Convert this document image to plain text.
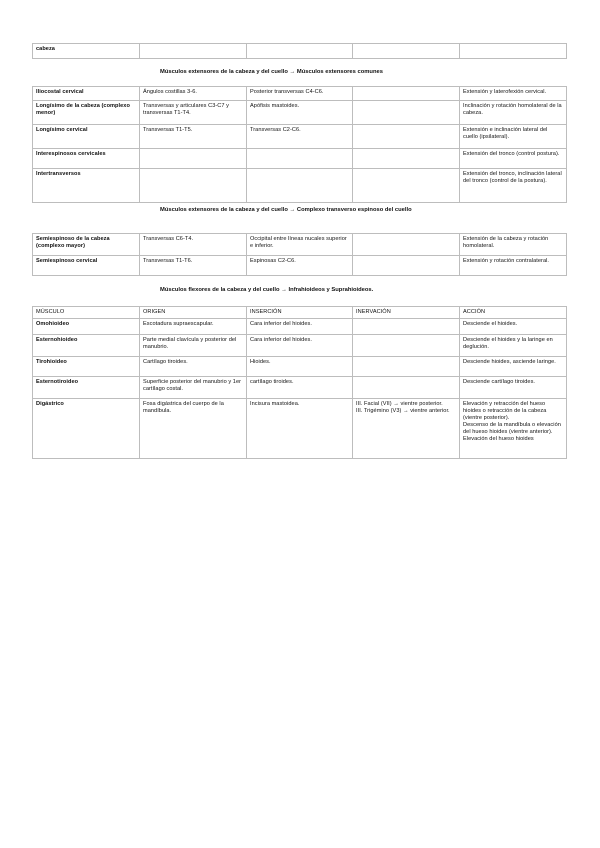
cabeza				
Músculos extensores de la cabeza y del cuello → Músculos extensores comunes
Iliocostal cervical	Ángulos costillas 3-6.	Posterior transversas C4-C6.		Extensión y laterofexión cervical.
Longísimo de la cabeza (complexo menor)	Transversas y articulares C3-C7 y transversas T1-T4.	Apófisis mastoides.		Inclinación y rotación homolateral de la cabeza.
Longísimo cervical	Transversas T1-T5.	Transversas C2-C6.		Extensión e inclinación lateral del cuello (ipsilateral).
Interespinosos cervicales				Extensión del tronco (control postura).
Intertransversos				Extensión del tronco, inclinación lateral del tronco (control de la postura).
Músculos extensores de la cabeza y del cuello → Complexo transverso espinoso del cuello
Semiespinoso de la cabeza (complexo mayor)	Transversas C6-T4.	Occipital entre líneas nucales superior e inferior.		Extensión de la cabeza y rotación homolateral.
Semiespinoso cervical	Transversas T1-T6.	Espinosas C2-C6.		Extensión y rotación contralateral.
Músculos flexores de la cabeza y del cuello → Infrahioideos y Suprahioideos.
MÚSCULO	ORIGEN	INSERCIÓN	INERVACIÓN	ACCIÓN
Omohioideo	Escotadura supraescapular.	Cara inferior del hioides.		Desciende el hioides.
Esternohioideo	Parte medial clavícula y posterior del manubrio.	Cara inferior del hioides.		Desciende el hioides y la laringe en deglución.
Tirohioideo	Cartílago tiroides.	Hioides.		Desciende hioides, asciende laringe.
Esternotiroideo	Superficie posterior del manubrio y 1er cartílago costal.	cartílago tiroides.		Desciende cartílago tiroides.
Digástrico	Fosa digástrica del cuerpo de la mandíbula.	Incisura mastoidea.	III. Facial (VII) → vientre posterior.
III. Trigémino (V3) → vientre anterior.	Elevación y retracción del hueso hioides o retracción de la cabeza (vientre posterior).
Descenso de la mandíbula o elevación del hueso hioides (vientre anterior).
Elevación del hueso hioides
